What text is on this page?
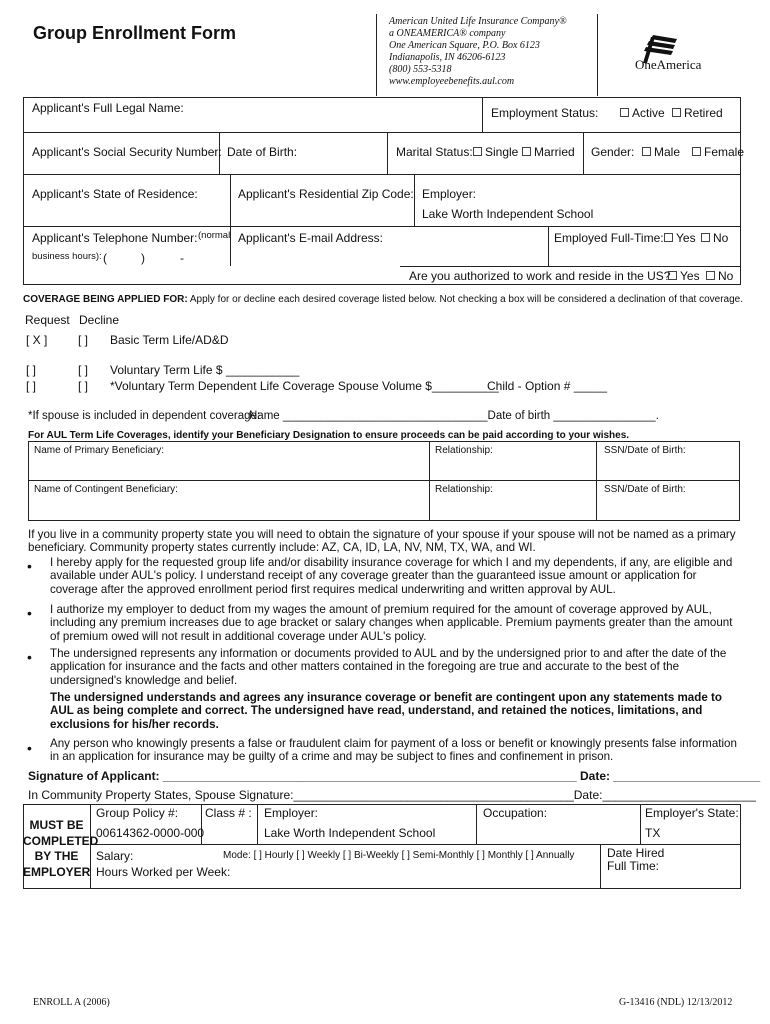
Group Enrollment Form
American United Life Insurance Company®
a ONEAMERICA® company
One American Square, P.O. Box 6123
Indianapolis, IN 46206-6123
(800) 553-5318
www.employeebenefits.aul.com
OneAmerica
Applicant's Full Legal Name:	Employment Status:	Active	Retired
Applicant's Social Security Number: Date of Birth:	Marital Status:	Single	Married Gender:	Male	Female
Applicant's State of Residence:	Applicant's Residential Zip Code: Employer:
Lake Worth Independent School
Applicant's Telephone Number: (normal
business hours): (	)	-
Applicant's E-mail Address:	Employed Full-Time:	Yes	No
Are you authorized to work and reside in the US? Yes	No
COVERAGE BEING APPLIED FOR: Apply for or decline each desired coverage listed below. Not checking a box will be considered a declination of that coverage.
Request Decline
[ X ]	[ ] Basic Term Life/AD&D
[ ]	[ ] Voluntary Term Life $ ___________
[ ]	[ ] *Voluntary Term Dependent Life Coverage Spouse Volume $__________
Child - Option # _____
*If spouse is included in dependent coverage:
Name ________________________________Date of birth ________________.
For AUL Term Life Coverages, identify your Beneficiary Designation to ensure proceeds can be paid according to your wishes.
Name of Primary Beneficiary:	Relationship:	SSN/Date of Birth:
Name of Contingent Beneficiary:	Relationship:	SSN/Date of Birth:
If you live in a community property state you will need to obtain the signature of your spouse if your spouse will not be named as a primary beneficiary. Community property states currently include: AZ, CA, ID, LA, NV, NM, TX, WA, and WI.
• I hereby apply for the requested group life and/or disability insurance coverage for which I and my dependents, if any, are eligible and available under AUL's policy. I understand receipt of any coverage greater than the guaranteed issue amount or application for coverage after the approved enrollment period first requires medical underwriting and written approval by AUL.
• I authorize my employer to deduct from my wages the amount of premium required for the amount of coverage approved by AUL, including any premium increases due to age bracket or salary changes when applicable. Premium payments greater than the amount of premium owed will not result in additional coverage under AUL's policy.
• The undersigned represents any information or documents provided to AUL and by the undersigned prior to and after the date of the application for insurance and the facts and other matters contained in the foregoing are true and accurate to the best of the undersigned's knowledge and belief.
The undersigned understands and agrees any insurance coverage or benefit are contingent upon any statements made to AUL as being complete and correct. The undersigned have read, understand, and retained the notices, limitations, and exclusions for his/her records.
• Any person who knowingly presents a false or fraudulent claim for payment of a loss or benefit or knowingly presents false information in an application for insurance may be guilty of a crime and may be subject to fines and confinement in prison.
Signature of Applicant: ______________________________________________________________ Date: ______________________
In Community Property States, Spouse Signature:__________________________________________Date:_______________________
MUST BE
COMPLETED
BY THE
EMPLOYER
Group Policy #:
00614362-0000-000
Class # : Employer:
Lake Worth Independent School
Occupation:	Employer's State:
TX
Salary:	Mode: [ ] Hourly [ ] Weekly [ ] Bi-Weekly [ ] Semi-Monthly [ ] Monthly [ ] Annually
Hours Worked per Week:
Date Hired
Full Time:
ENROLL A (2006)	G-13416 (NDL) 12/13/2012
